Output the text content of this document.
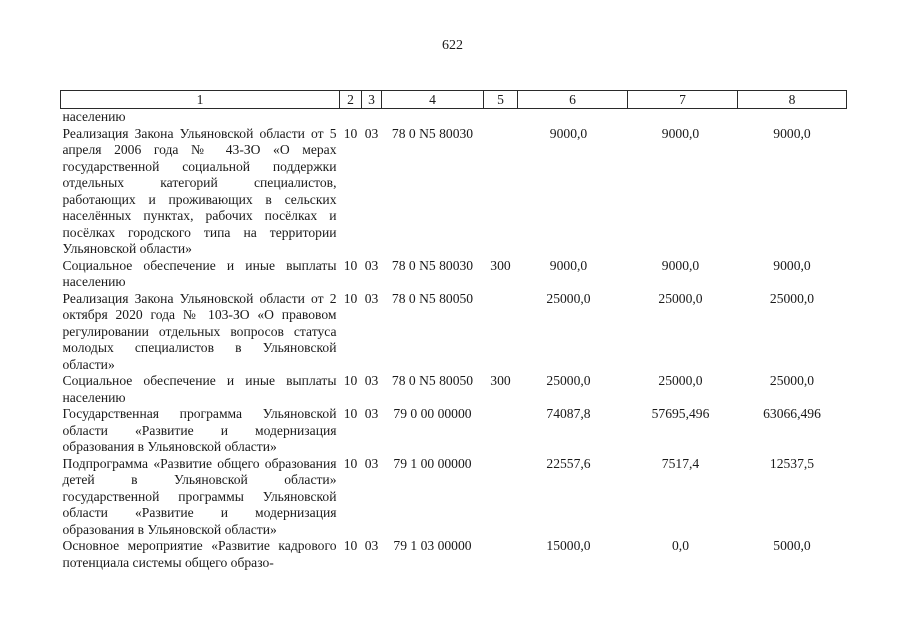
622
1	2	3	4	5	6	7	8
населению							
Реализация Закона Ульяновской области от 5 апреля 2006 года № 43-ЗО «О мерах государственной социальной поддержки отдельных категорий специалистов, работающих и проживающих в сельских населённых пунктах, рабочих посёлках и посёлках городского типа на территории Ульяновской области»	10	03	78 0 N5 80030		9000,0	9000,0	9000,0
Социальное обеспечение и иные выплаты населению	10	03	78 0 N5 80030	300	9000,0	9000,0	9000,0
Реализация Закона Ульяновской области от 2 октября 2020 года № 103-ЗО «О правовом регулировании отдельных вопросов статуса молодых специалистов в Ульяновской области»	10	03	78 0 N5 80050		25000,0	25000,0	25000,0
Социальное обеспечение и иные выплаты населению	10	03	78 0 N5 80050	300	25000,0	25000,0	25000,0
Государственная программа Ульяновской области «Развитие и модернизация образования в Ульяновской области»	10	03	79 0 00 00000		74087,8	57695,496	63066,496
Подпрограмма «Развитие общего образования детей в Ульяновской области» государственной программы Ульяновской области «Развитие и модернизация образования в Ульяновской области»	10	03	79 1 00 00000		22557,6	7517,4	12537,5
Основное мероприятие «Развитие кадрового потенциала системы общего образо-	10	03	79 1 03 00000		15000,0	0,0	5000,0
